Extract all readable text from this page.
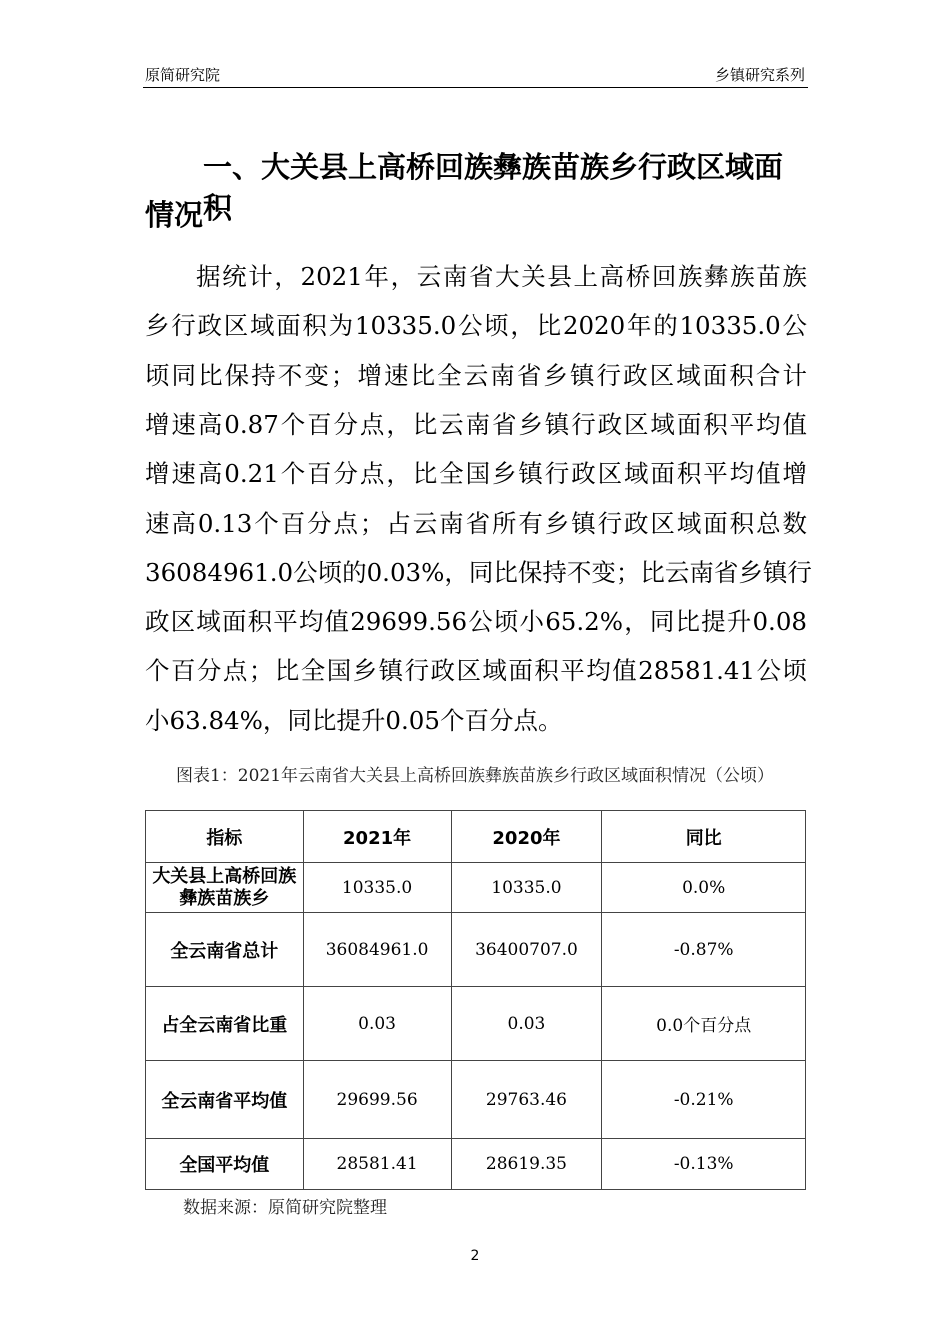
原简研究院	乡镇研究系列
一、大关县上高桥回族彝族苗族乡行政区域面积
情况
据统计，2021年，云南省大关县上高桥回族彝族苗族
乡行政区域面积为10335.0公顷，比2020年的10335.0公
顷同比保持不变；增速比全云南省乡镇行政区域面积合计
增速高0.87个百分点，比云南省乡镇行政区域面积平均值
增速高0.21个百分点，比全国乡镇行政区域面积平均值增
速高0.13个百分点；占云南省所有乡镇行政区域面积总数
36084961.0公顷的0.03%，同比保持不变；比云南省乡镇行
政区域面积平均值29699.56公顷小65.2%，同比提升0.08
个百分点；比全国乡镇行政区域面积平均值28581.41公顷
小63.84%，同比提升0.05个百分点。
图表1：2021年云南省大关县上高桥回族彝族苗族乡行政区域面积情况（公顷）
指标	2021年	2020年	同比
大关县上高桥回族彝族苗族乡	10335.0	10335.0	0.0%
全云南省总计	36084961.0	36400707.0	-0.87%
占全云南省比重	0.03	0.03	0.0个百分点
全云南省平均值	29699.56	29763.46	-0.21%
全国平均值	28581.41	28619.35	-0.13%
数据来源：原简研究院整理
2
